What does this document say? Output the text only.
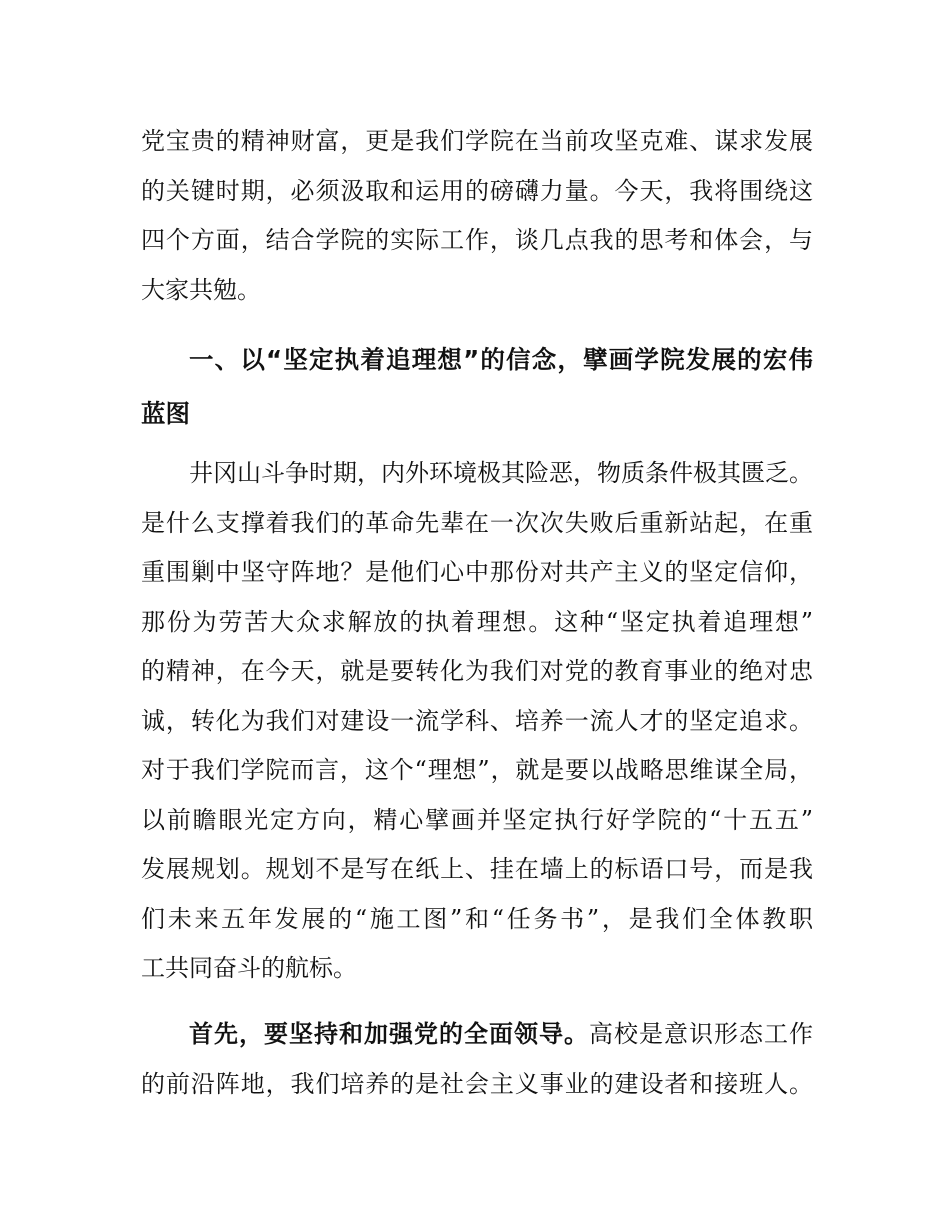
党宝贵的精神财富，更是我们学院在当前攻坚克难、谋求发展
的关键时期，必须汲取和运用的磅礴力量。今天，我将围绕这
四个方面，结合学院的实际工作，谈几点我的思考和体会，与
大家共勉。
一、以“坚定执着追理想”的信念，擘画学院发展的宏伟
蓝图
井冈山斗争时期，内外环境极其险恶，物质条件极其匮乏。
是什么支撑着我们的革命先辈在一次次失败后重新站起，在重
重围剿中坚守阵地？是他们心中那份对共产主义的坚定信仰，
那份为劳苦大众求解放的执着理想。这种“坚定执着追理想”
的精神，在今天，就是要转化为我们对党的教育事业的绝对忠
诚，转化为我们对建设一流学科、培养一流人才的坚定追求。
对于我们学院而言，这个“理想”，就是要以战略思维谋全局，
以前瞻眼光定方向，精心擘画并坚定执行好学院的“十五五”
发展规划。规划不是写在纸上、挂在墙上的标语口号，而是我
们未来五年发展的“施工图”和“任务书”，是我们全体教职
工共同奋斗的航标。
首先，要坚持和加强党的全面领导。高校是意识形态工作
的前沿阵地，我们培养的是社会主义事业的建设者和接班人。
